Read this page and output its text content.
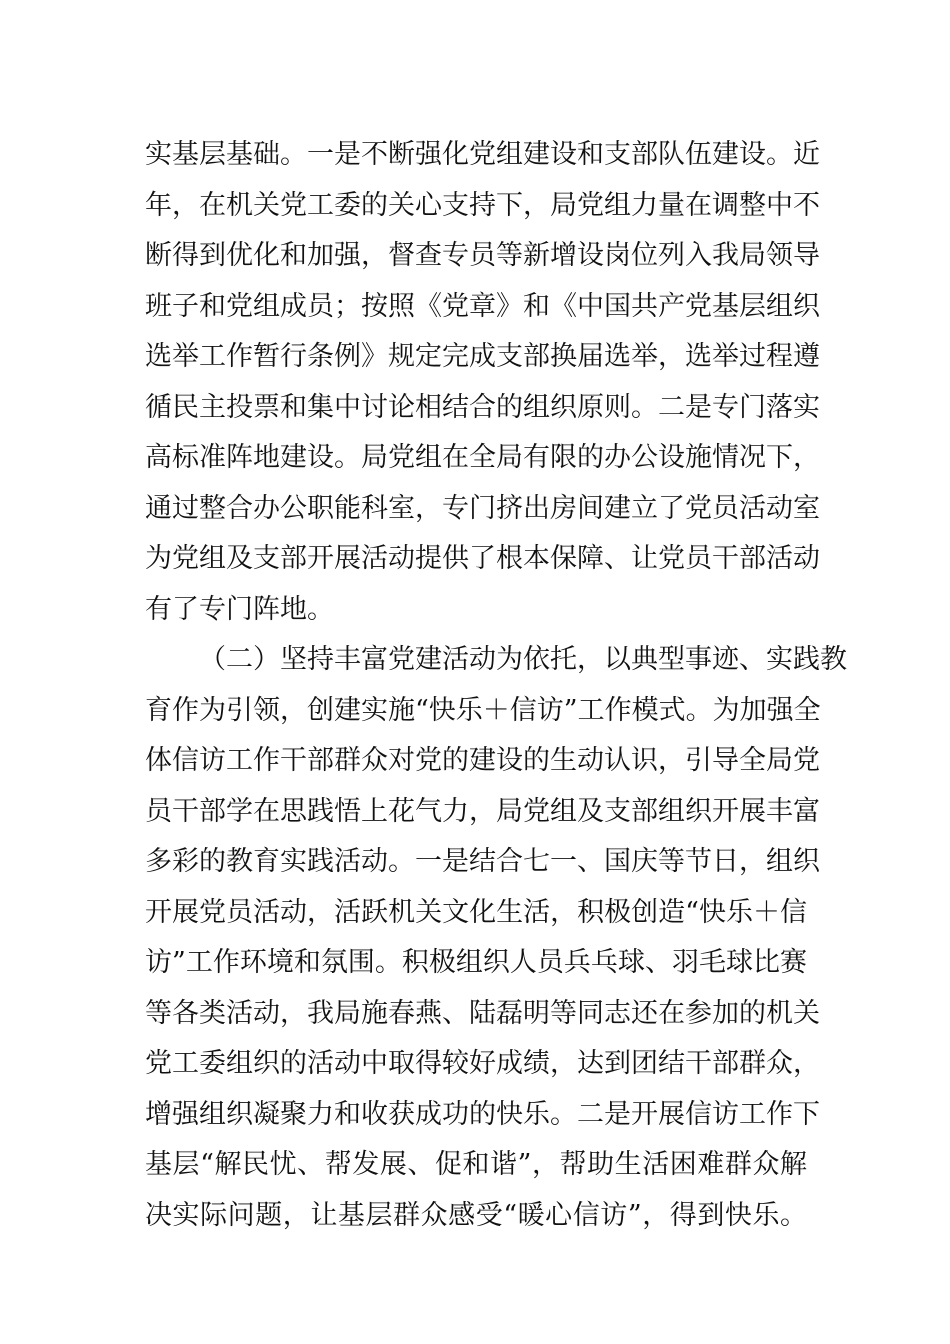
实基层基础。一是不断强化党组建设和支部队伍建设。近
年，在机关党工委的关心支持下，局党组力量在调整中不
断得到优化和加强，督查专员等新增设岗位列入我局领导
班子和党组成员；按照《党章》和《中国共产党基层组织
选举工作暂行条例》规定完成支部换届选举，选举过程遵
循民主投票和集中讨论相结合的组织原则。二是专门落实
高标准阵地建设。局党组在全局有限的办公设施情况下，
通过整合办公职能科室，专门挤出房间建立了党员活动室
为党组及支部开展活动提供了根本保障、让党员干部活动
有了专门阵地。
（二）坚持丰富党建活动为依托，以典型事迹、实践教
育作为引领，创建实施“快乐＋信访”工作模式。为加强全
体信访工作干部群众对党的建设的生动认识，引导全局党
员干部学在思践悟上花气力，局党组及支部组织开展丰富
多彩的教育实践活动。一是结合七一、国庆等节日，组织
开展党员活动，活跃机关文化生活，积极创造“快乐＋信
访”工作环境和氛围。积极组织人员兵乓球、羽毛球比赛
等各类活动，我局施春燕、陆磊明等同志还在参加的机关
党工委组织的活动中取得较好成绩，达到团结干部群众，
增强组织凝聚力和收获成功的快乐。二是开展信访工作下
基层“解民忧、帮发展、促和谐”，帮助生活困难群众解
决实际问题，让基层群众感受“暖心信访”，得到快乐。
